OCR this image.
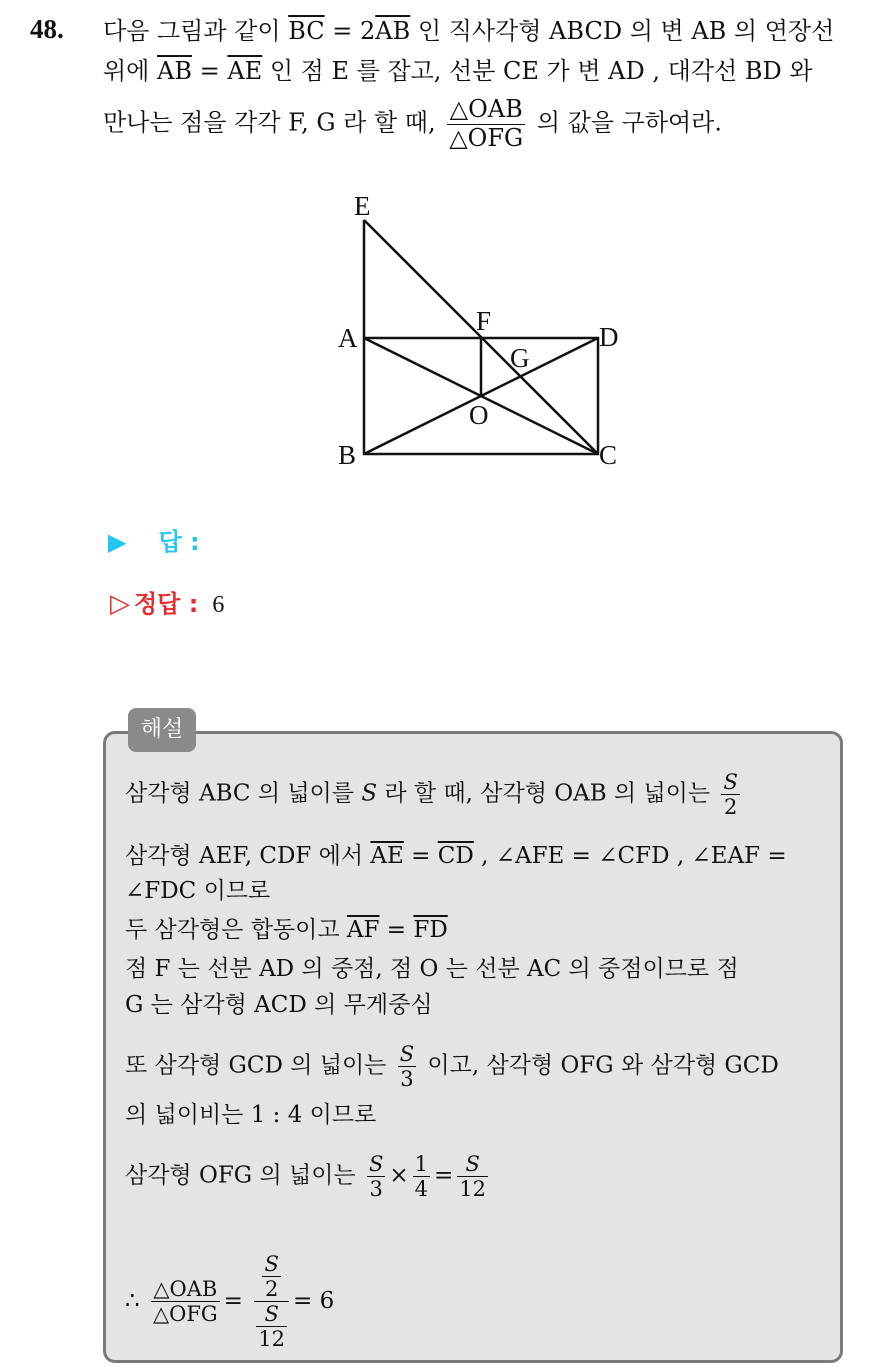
48. 다음 그림과 같이 $\overline{BC} = 2\overline{AB}$ 인 직사각형 ABCD 의 변 AB 의 연장선
위에 $\overline{AB} = \overline{AE}$ 인 점 E 를 잡고, 선분 CE 가 변 AD , 대각선 BD 와
만나는 점을 각각 F, G 라 할 때, $\frac{\text{△OAB}}{\text{△OFG}}$ 의 값을 구하여라.
E
A
F
D
G
O
B	C
▶ 답 :
▷ 정답 : 6
해설
삼각형 ABC 의 넓이를 S 라 할 때, 삼각형 OAB 의 넓이는 $\frac{S}{2}$
삼각형 AEF, CDF 에서 $\overline{AE} = \overline{CD}$ , ∠AFE = ∠CFD , ∠EAF =
∠FDC 이므로
두 삼각형은 합동이고 $\overline{AF} = \overline{FD}$
점 F 는 선분 AD 의 중점, 점 O 는 선분 AC 의 중점이므로 점
G 는 삼각형 ACD 의 무게중심
또 삼각형 GCD 의 넓이는 $\frac{S}{3}$ 이고, 삼각형 OFG 와 삼각형 GCD
의 넓이비는 1 : 4 이므로
삼각형 OFG 의 넓이는 $\frac{S}{3} \times \frac{1}{4} = \frac{S}{12}$
∴ $\frac{\text{△OAB}}{\text{△OFG}} = \frac{\frac{S}{2}}{\frac{S}{12}} = 6$
